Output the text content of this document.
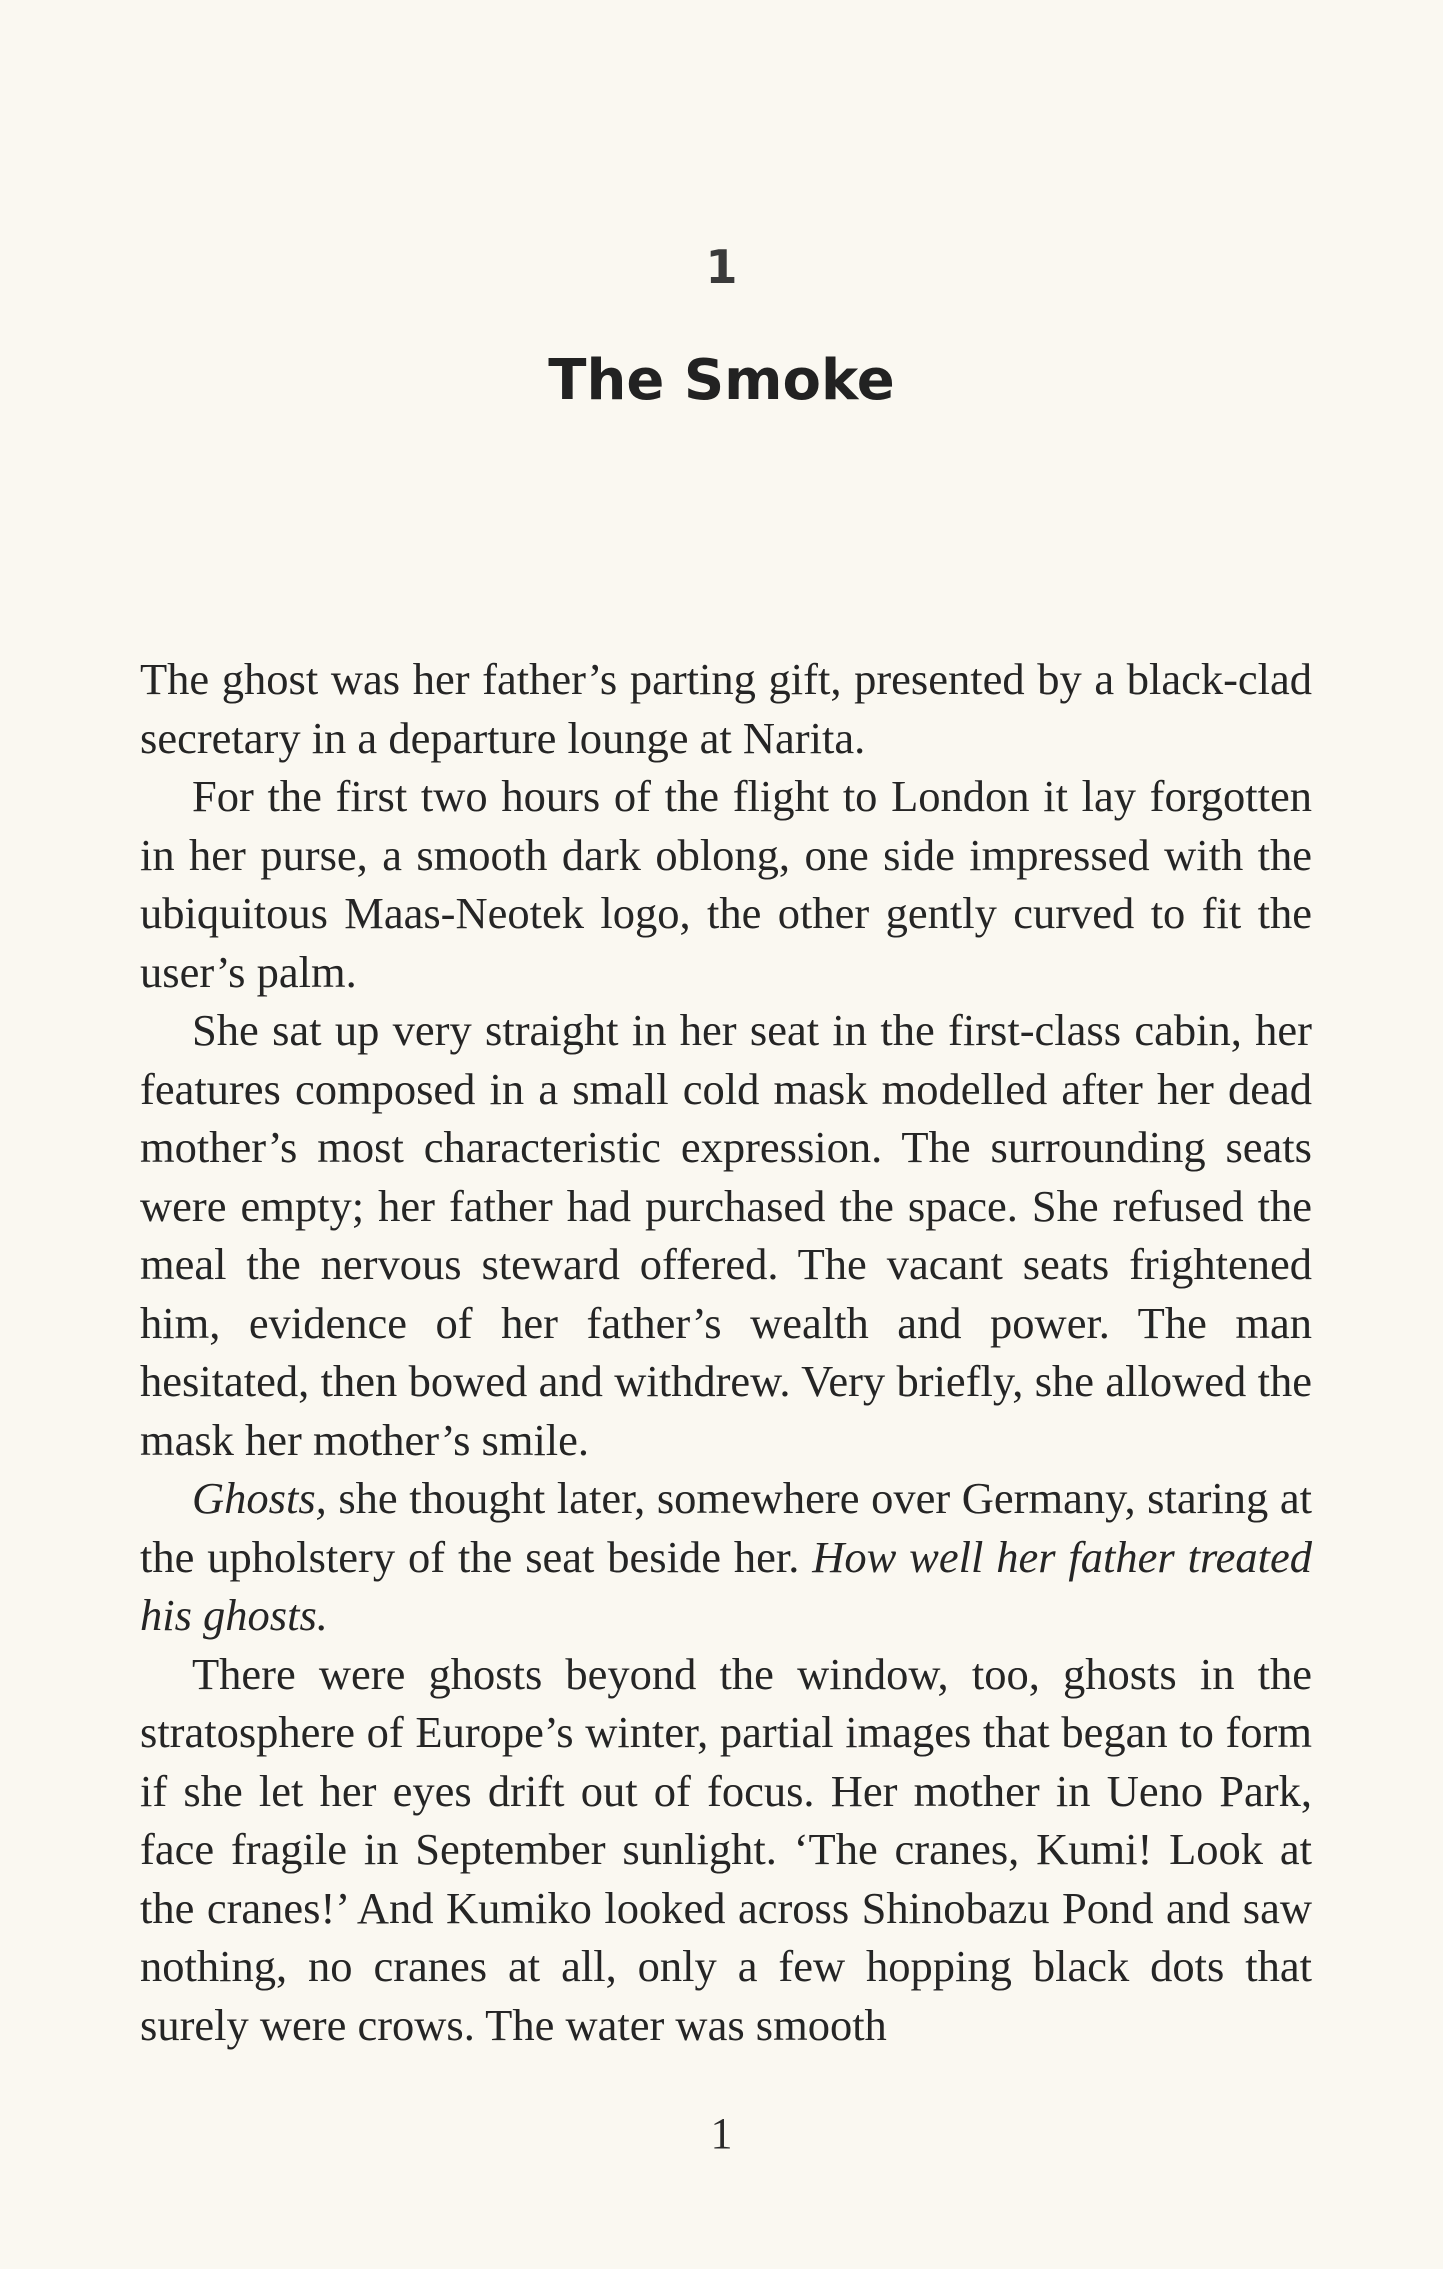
1
The Smoke

The ghost was her father’s parting gift, presented by a black-clad secretary in a departure lounge at Narita.

For the first two hours of the flight to London it lay forgotten in her purse, a smooth dark oblong, one side impressed with the ubiquitous Maas-Neotek logo, the other gently curved to fit the user’s palm.

She sat up very straight in her seat in the first-class cabin, her features composed in a small cold mask modelled after her dead mother’s most characteristic expression. The surrounding seats were empty; her father had purchased the space. She refused the meal the nervous steward offered. The vacant seats frightened him, evidence of her father’s wealth and power. The man hesitated, then bowed and withdrew. Very briefly, she allowed the mask her mother’s smile.

Ghosts, she thought later, somewhere over Germany, staring at the upholstery of the seat beside her. How well her father treated his ghosts.

There were ghosts beyond the window, too, ghosts in the stratosphere of Europe’s winter, partial images that began to form if she let her eyes drift out of focus. Her mother in Ueno Park, face fragile in September sunlight. ‘The cranes, Kumi! Look at the cranes!’ And Kumiko looked across Shinobazu Pond and saw nothing, no cranes at all, only a few hopping black dots that surely were crows. The water was smooth

1
